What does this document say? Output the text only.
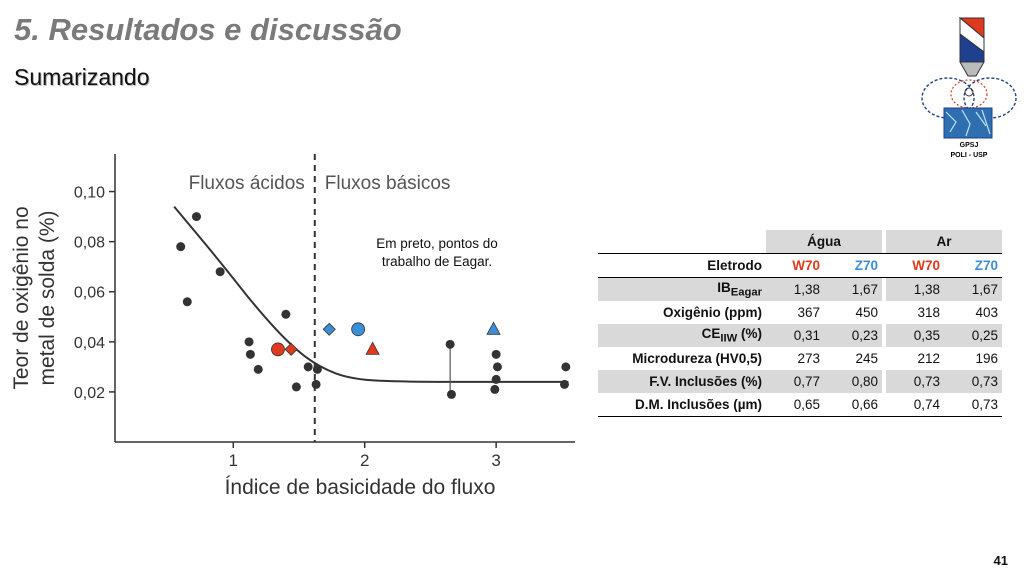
5. Resultados e discussão
Sumarizando
GPSJ
POLI - USP
0,02
0,04
0,06
0,08
0,10
1	2	3
Fluxos ácidos Fluxos básicos
Em preto, pontos do
trabalho de Eagar.
Índice de basicidade do fluxo
Teor de oxigênio no metal de solda (%)
		Água			Ar	
Eletrodo	W70	Z70		W70	Z70
$IB_{Eagar}$	1,38	1,67		1,38	1,67
Oxigênio (ppm)	367	450		318	403
$CE_{IIW}$ (%)	0,31	0,23		0,35	0,25
Microdureza (HV0,5)	273	245		212	196
F.V. Inclusões (%)	0,77	0,80		0,73	0,73
D.M. Inclusões (µm)	0,65	0,66		0,74	0,73
41
